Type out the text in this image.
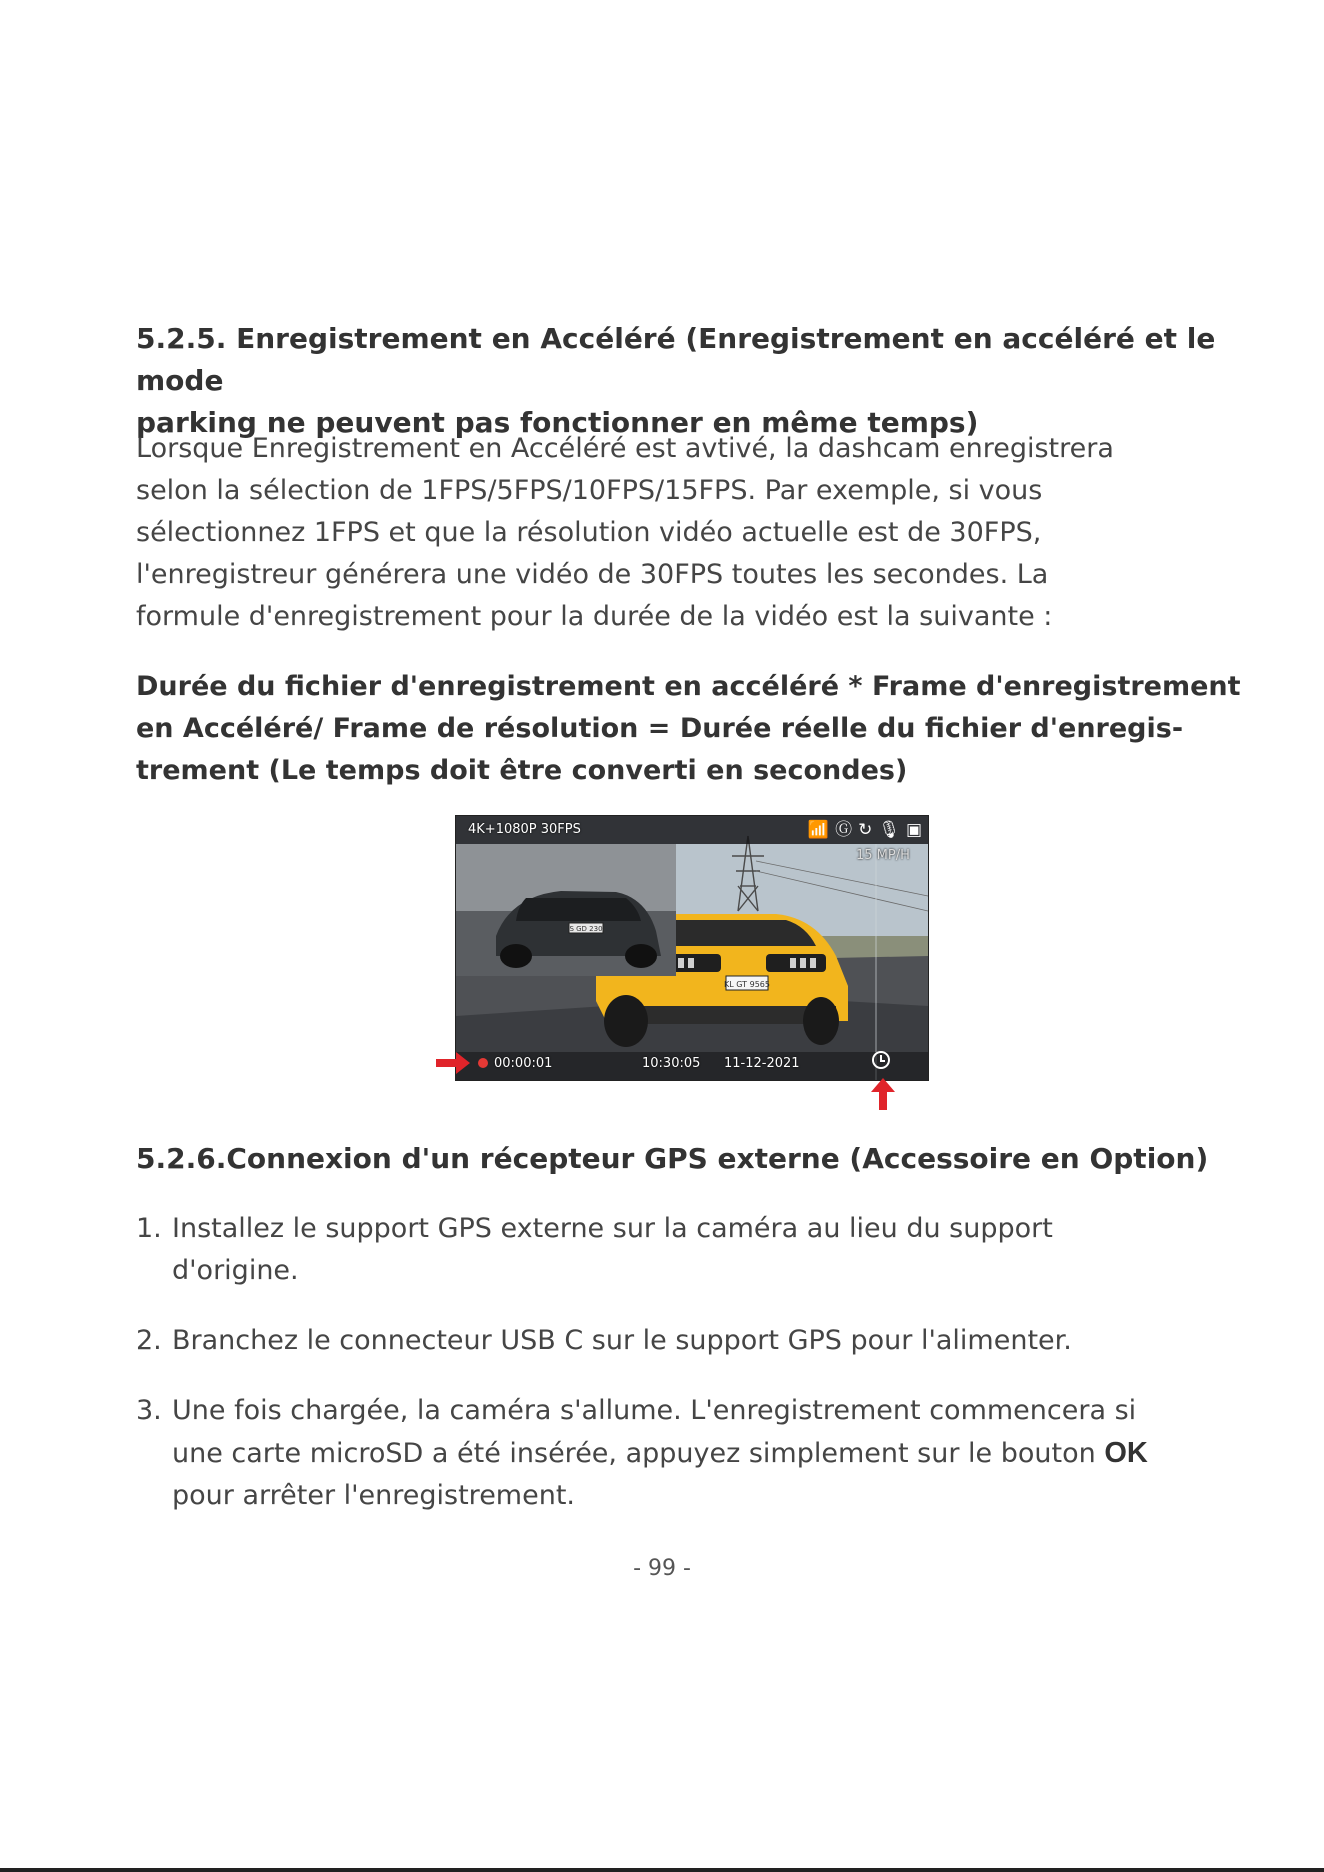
5.2.5. Enregistrement en Accéléré (Enregistrement en accéléré et le mode
parking ne peuvent pas fonctionner en même temps)

Lorsque Enregistrement en Accéléré est avtivé, la dashcam enregistrera
selon la sélection de 1FPS/5FPS/10FPS/15FPS. Par exemple, si vous
sélectionnez 1FPS et que la résolution vidéo actuelle est de 30FPS,
l'enregistreur générera une vidéo de 30FPS toutes les secondes. La
formule d'enregistrement pour la durée de la vidéo est la suivante :

Durée du fichier d'enregistrement en accéléré * Frame d'enregistrement
en Accéléré/ Frame de résolution = Durée réelle du fichier d'enregis-
trement (Le temps doit être converti en secondes)

KL GT 9565
S GD 230
4K+1080P 30FPS	📶 Ⓖ ↻ 🎙 ▣
15 MP/H
00:00:01	10:30:05 11-12-2021
5.2.6.Connexion d'un récepteur GPS externe (Accessoire en Option)
1. Installez le support GPS externe sur la caméra au lieu du support
d'origine.
2. Branchez le connecteur USB C sur le support GPS pour l'alimenter.
3. Une fois chargée, la caméra s'allume. L'enregistrement commencera si
une carte microSD a été insérée, appuyez simplement sur le bouton OK
pour arrêter l'enregistrement.
- 99 -
